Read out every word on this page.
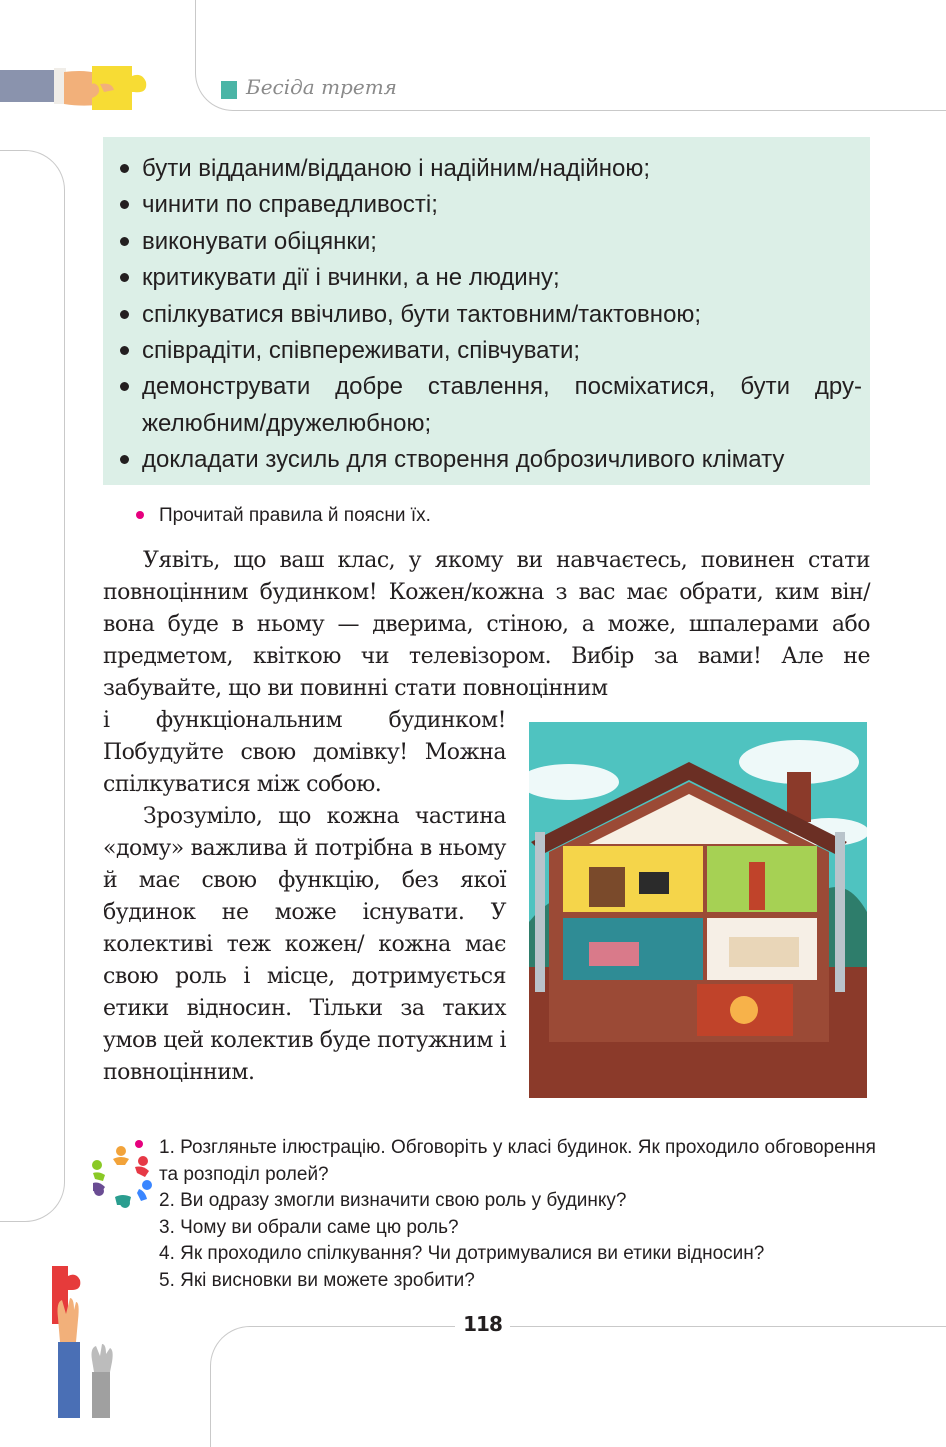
Бесіда третя
бути відданим/відданою і надійним/надійною;
чинити по справедливості;
виконувати обіцянки;
критикувати дії і вчинки, а не людину;
спілкуватися ввічливо, бути тактовним/тактовною;
співрадіти, співпереживати, співчувати;
демонструвати добре ставлення, посміхатися, бути дружелюбним/дружелюбною;
докладати зусиль для створення доброзичливого клімату
Прочитай правила й поясни їх.

Уявіть, що ваш клас, у якому ви навчаєтесь, повинен стати повноцінним будинком! Кожен/кожна з вас має обрати, ким він/вона буде в ньому — дверима, стіною, а може, шпалерами або предметом, квіткою чи телевізором. Вибір за вами! Але не забувайте, що ви повинні стати повноцінним

і функціональним будинком! Побудуйте свою домівку! Можна спілкуватися між собою.

Зрозуміло, що кожна частина «дому» важлива й потрібна в ньому й має свою функцію, без якої будинок не може існувати. У колективі теж кожен/ кожна має свою роль і місце, дотримується етики відносин. Тільки за таких умов цей колектив буде потужним і повноцінним.

1. Розгляньте ілюстрацію. Обговоріть у класі будинок. Як проходило обговорення та розподіл ролей?
2. Ви одразу змогли визначити свою роль у будинку?
3. Чому ви обрали саме цю роль?
4. Як проходило спілкування? Чи дотримувалися ви етики відносин?
5. Які висновки ви можете зробити?
118
